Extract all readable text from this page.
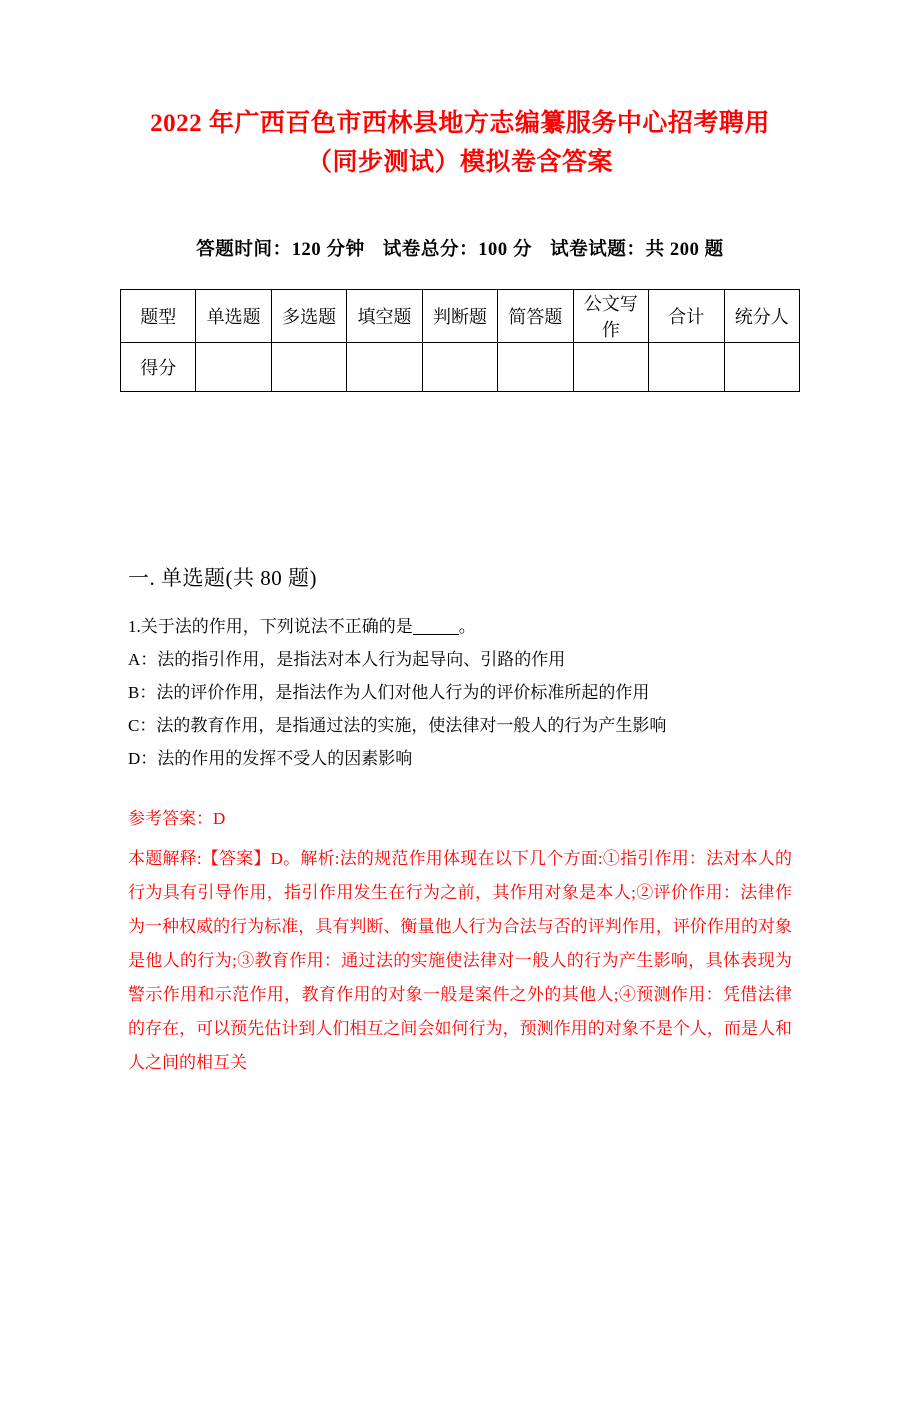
2022 年广西百色市西林县地方志编纂服务中心招考聘用（同步测试）模拟卷含答案
答题时间：120 分钟 试卷总分：100 分 试卷试题：共 200 题
题型	单选题	多选题	填空题	判断题	简答题	公文写作	合计	统分人
得分								
一. 单选题(共 80 题)
1.关于法的作用，下列说法不正确的是	。
A：法的指引作用，是指法对本人行为起导向、引路的作用
B：法的评价作用，是指法作为人们对他人行为的评价标准所起的作用
C：法的教育作用，是指通过法的实施，使法律对一般人的行为产生影响
D：法的作用的发挥不受人的因素影响
参考答案：D
本题解释:【答案】D。解析:法的规范作用体现在以下几个方面:①指引作用：法对本人的行为具有引导作用，指引作用发生在行为之前，其作用对象是本人;②评价作用：法律作为一种权威的行为标准，具有判断、衡量他人行为合法与否的评判作用，评价作用的对象是他人的行为;③教育作用：通过法的实施使法律对一般人的行为产生影响，具体表现为警示作用和示范作用，教育作用的对象一般是案件之外的其他人;④预测作用：凭借法律的存在，可以预先估计到人们相互之间会如何行为，预测作用的对象不是个人，而是人和人之间的相互关
